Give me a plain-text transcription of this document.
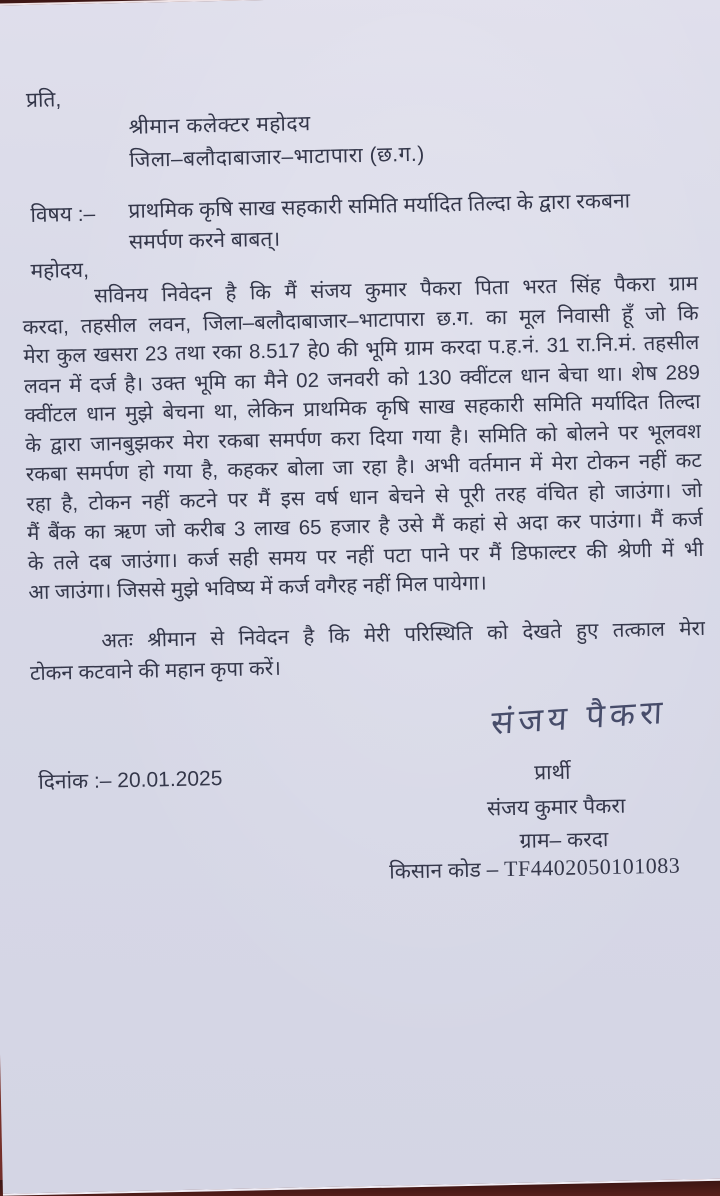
प्रति,
श्रीमान कलेक्टर महोदय
जिला–बलौदाबाजार–भाटापारा (छ.ग.)
विषय :– प्राथमिक कृषि साख सहकारी समिति मर्यादित तिल्दा के द्वारा रकबना
समर्पण करने बाबत्।
महोदय,
सविनय निवेदन है कि मैं संजय कुमार पैकरा पिता भरत सिंह पैकरा ग्राम
करदा, तहसील लवन, जिला–बलौदाबाजार–भाटापारा छ.ग. का मूल निवासी हूँ जो कि
मेरा कुल खसरा 23 तथा रका 8.517 हे0 की भूमि ग्राम करदा प.ह.नं. 31 रा.नि.मं. तहसील
लवन में दर्ज है। उक्त भूमि का मैने 02 जनवरी को 130 क्वींटल धान बेचा था। शेष 289
क्वींटल धान मुझे बेचना था, लेकिन प्राथमिक कृषि साख सहकारी समिति मर्यादित तिल्दा
के द्वारा जानबुझकर मेरा रकबा समर्पण करा दिया गया है। समिति को बोलने पर भूलवश
रकबा समर्पण हो गया है, कहकर बोला जा रहा है। अभी वर्तमान में मेरा टोकन नहीं कट
रहा है, टोकन नहीं कटने पर मैं इस वर्ष धान बेचने से पूरी तरह वंचित हो जाउंगा। जो
मैं बैंक का ऋण जो करीब 3 लाख 65 हजार है उसे मैं कहां से अदा कर पाउंगा। मैं कर्ज
के तले दब जाउंगा। कर्ज सही समय पर नहीं पटा पाने पर मैं डिफाल्टर की श्रेणी में भी
आ जाउंगा। जिससे मुझे भविष्य में कर्ज वगैरह नहीं मिल पायेगा।
अतः श्रीमान से निवेदन है कि मेरी परिस्थिति को देखते हुए तत्काल मेरा
टोकन कटवाने की महान कृपा करें।
संजय पैकरा
दिनांक :– 20.01.2025	प्रार्थी
संजय कुमार पैकरा
ग्राम– करदा
किसान कोड – TF4402050101083
